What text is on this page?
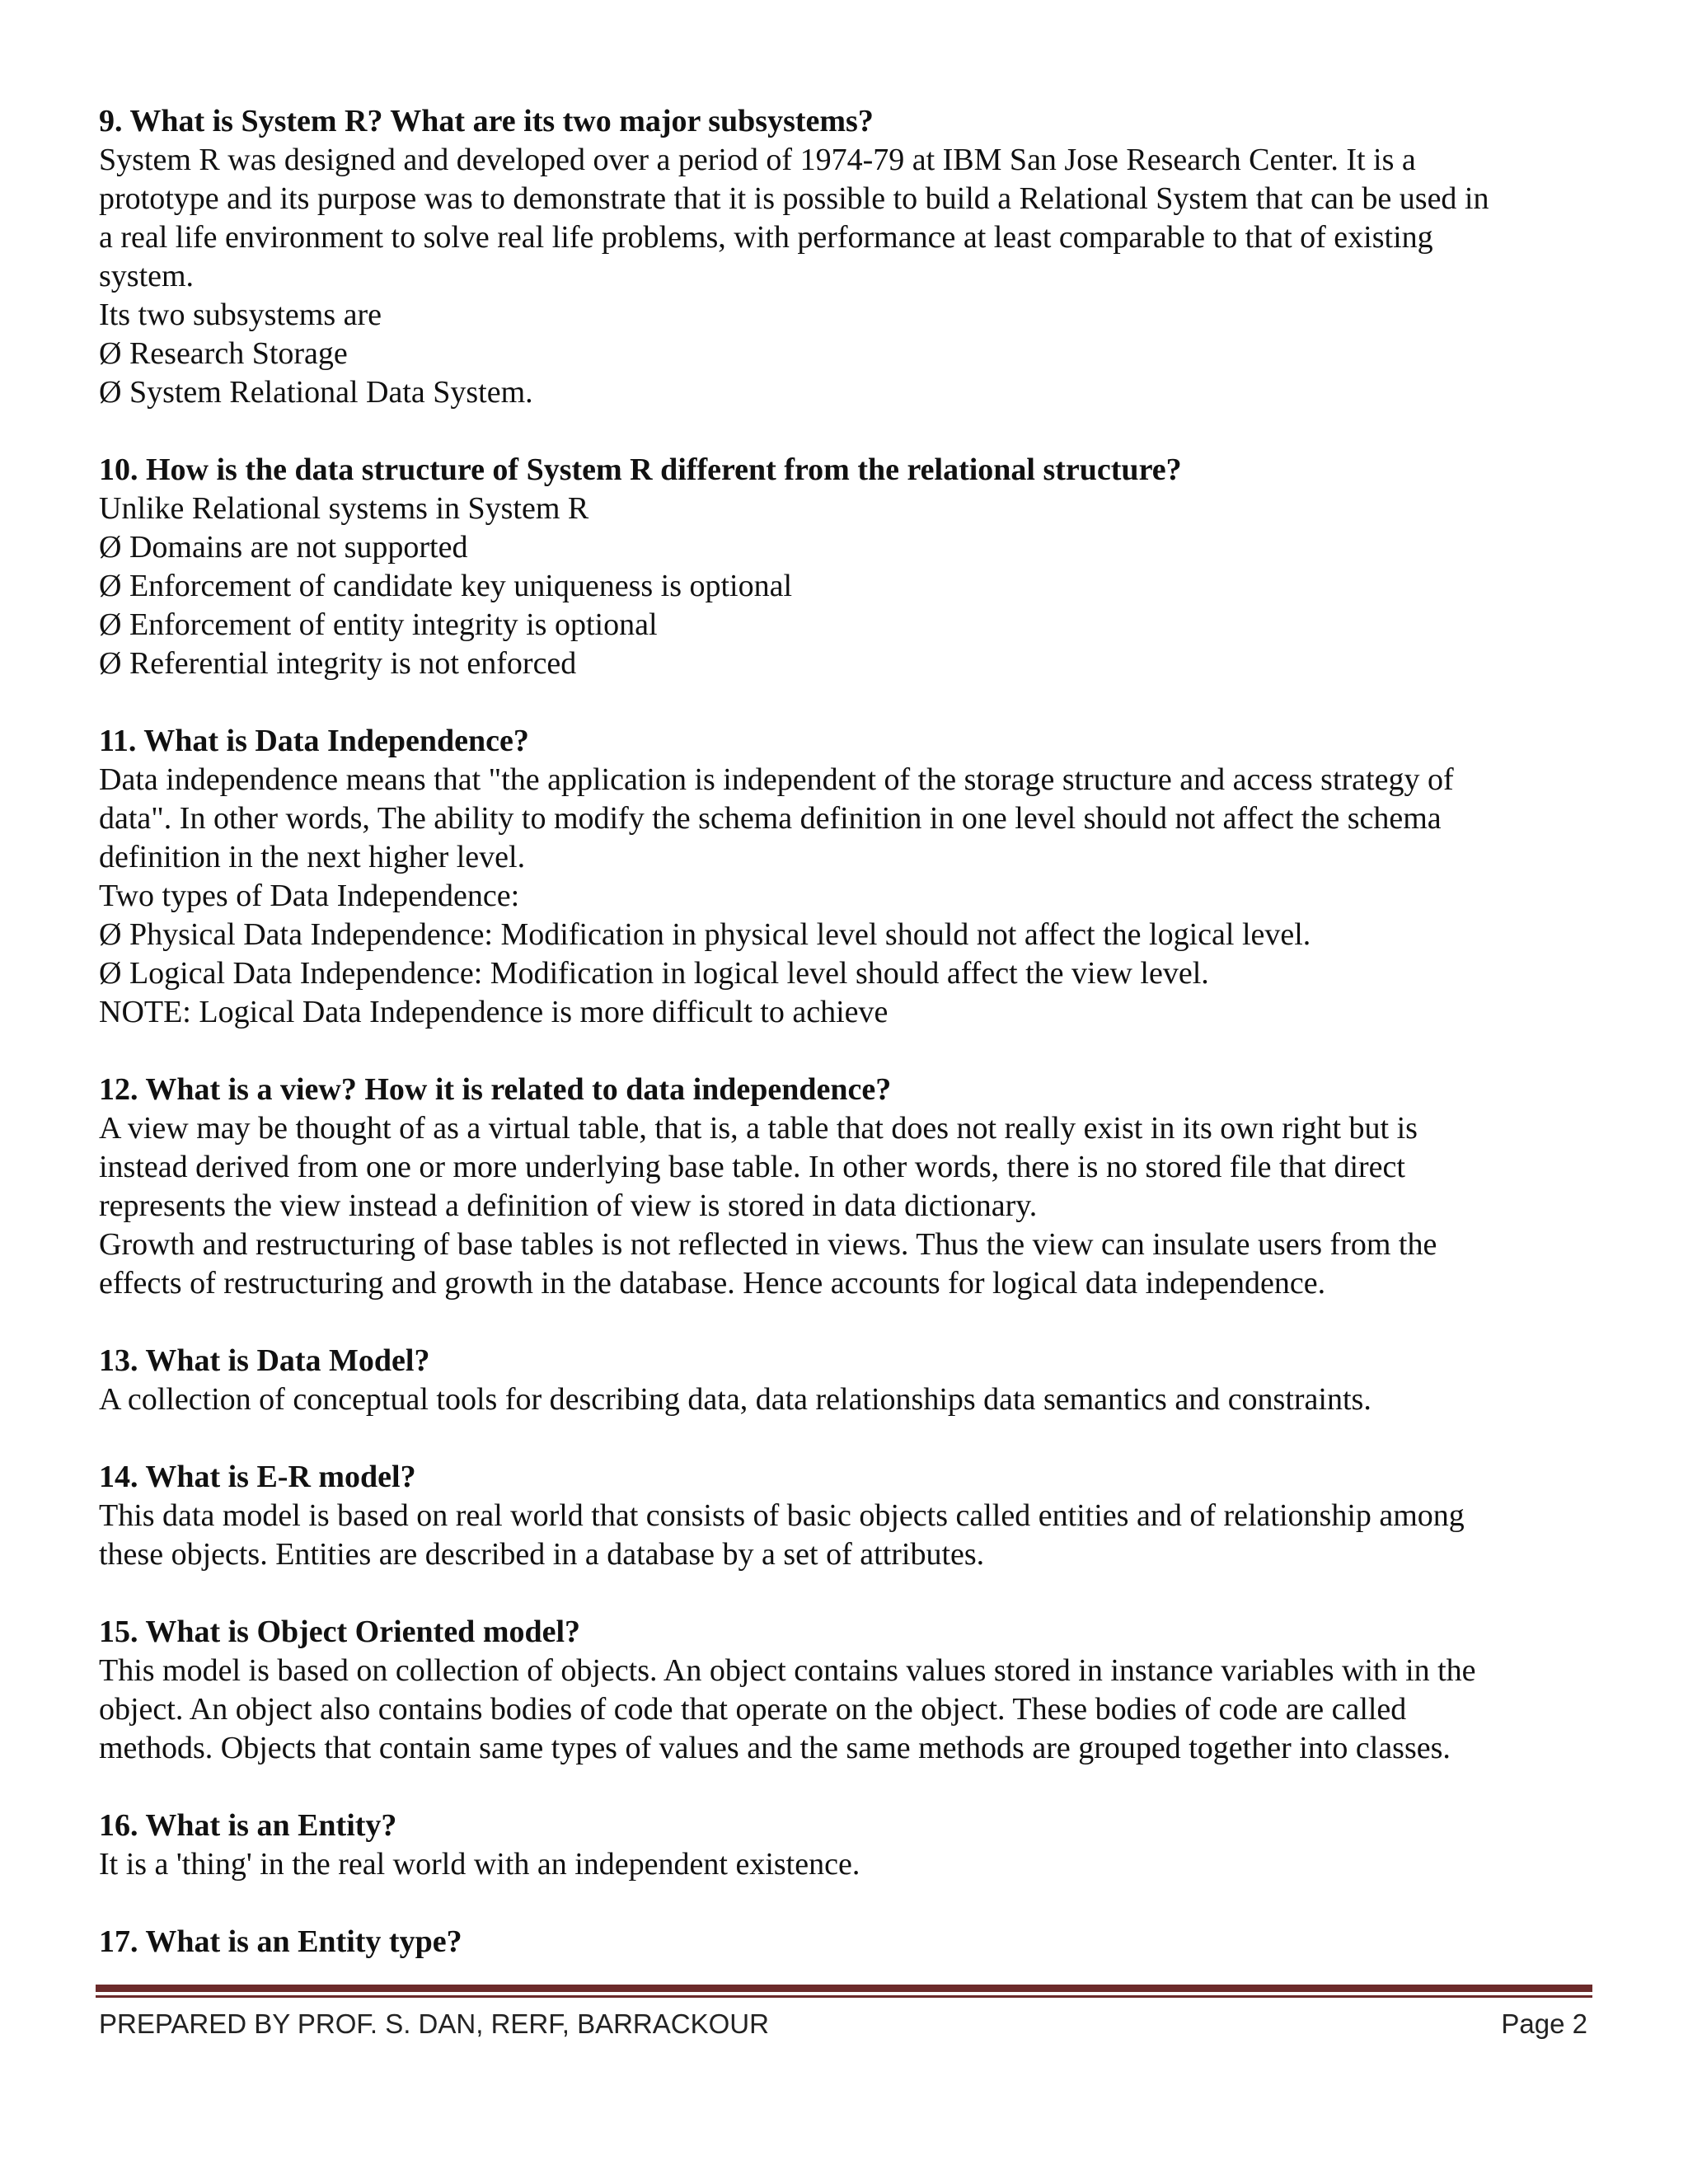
9. What is System R? What are its two major subsystems?
System R was designed and developed over a period of 1974-79 at IBM San Jose Research Center. It is a
prototype and its purpose was to demonstrate that it is possible to build a Relational System that can be used in
a real life environment to solve real life problems, with performance at least comparable to that of existing
system.
Its two subsystems are
Ø Research Storage
Ø System Relational Data System.
10. How is the data structure of System R different from the relational structure?
Unlike Relational systems in System R
Ø Domains are not supported
Ø Enforcement of candidate key uniqueness is optional
Ø Enforcement of entity integrity is optional
Ø Referential integrity is not enforced
11. What is Data Independence?
Data independence means that "the application is independent of the storage structure and access strategy of
data". In other words, The ability to modify the schema definition in one level should not affect the schema
definition in the next higher level.
Two types of Data Independence:
Ø Physical Data Independence: Modification in physical level should not affect the logical level.
Ø Logical Data Independence: Modification in logical level should affect the view level.
NOTE: Logical Data Independence is more difficult to achieve
12. What is a view? How it is related to data independence?
A view may be thought of as a virtual table, that is, a table that does not really exist in its own right but is
instead derived from one or more underlying base table. In other words, there is no stored file that direct
represents the view instead a definition of view is stored in data dictionary.
Growth and restructuring of base tables is not reflected in views. Thus the view can insulate users from the
effects of restructuring and growth in the database. Hence accounts for logical data independence.
13. What is Data Model?
A collection of conceptual tools for describing data, data relationships data semantics and constraints.
14. What is E-R model?
This data model is based on real world that consists of basic objects called entities and of relationship among
these objects. Entities are described in a database by a set of attributes.
15. What is Object Oriented model?
This model is based on collection of objects. An object contains values stored in instance variables with in the
object. An object also contains bodies of code that operate on the object. These bodies of code are called
methods. Objects that contain same types of values and the same methods are grouped together into classes.
16. What is an Entity?
It is a 'thing' in the real world with an independent existence.
17. What is an Entity type?
PREPARED BY PROF. S. DAN, RERF, BARRACKOUR	Page 2
